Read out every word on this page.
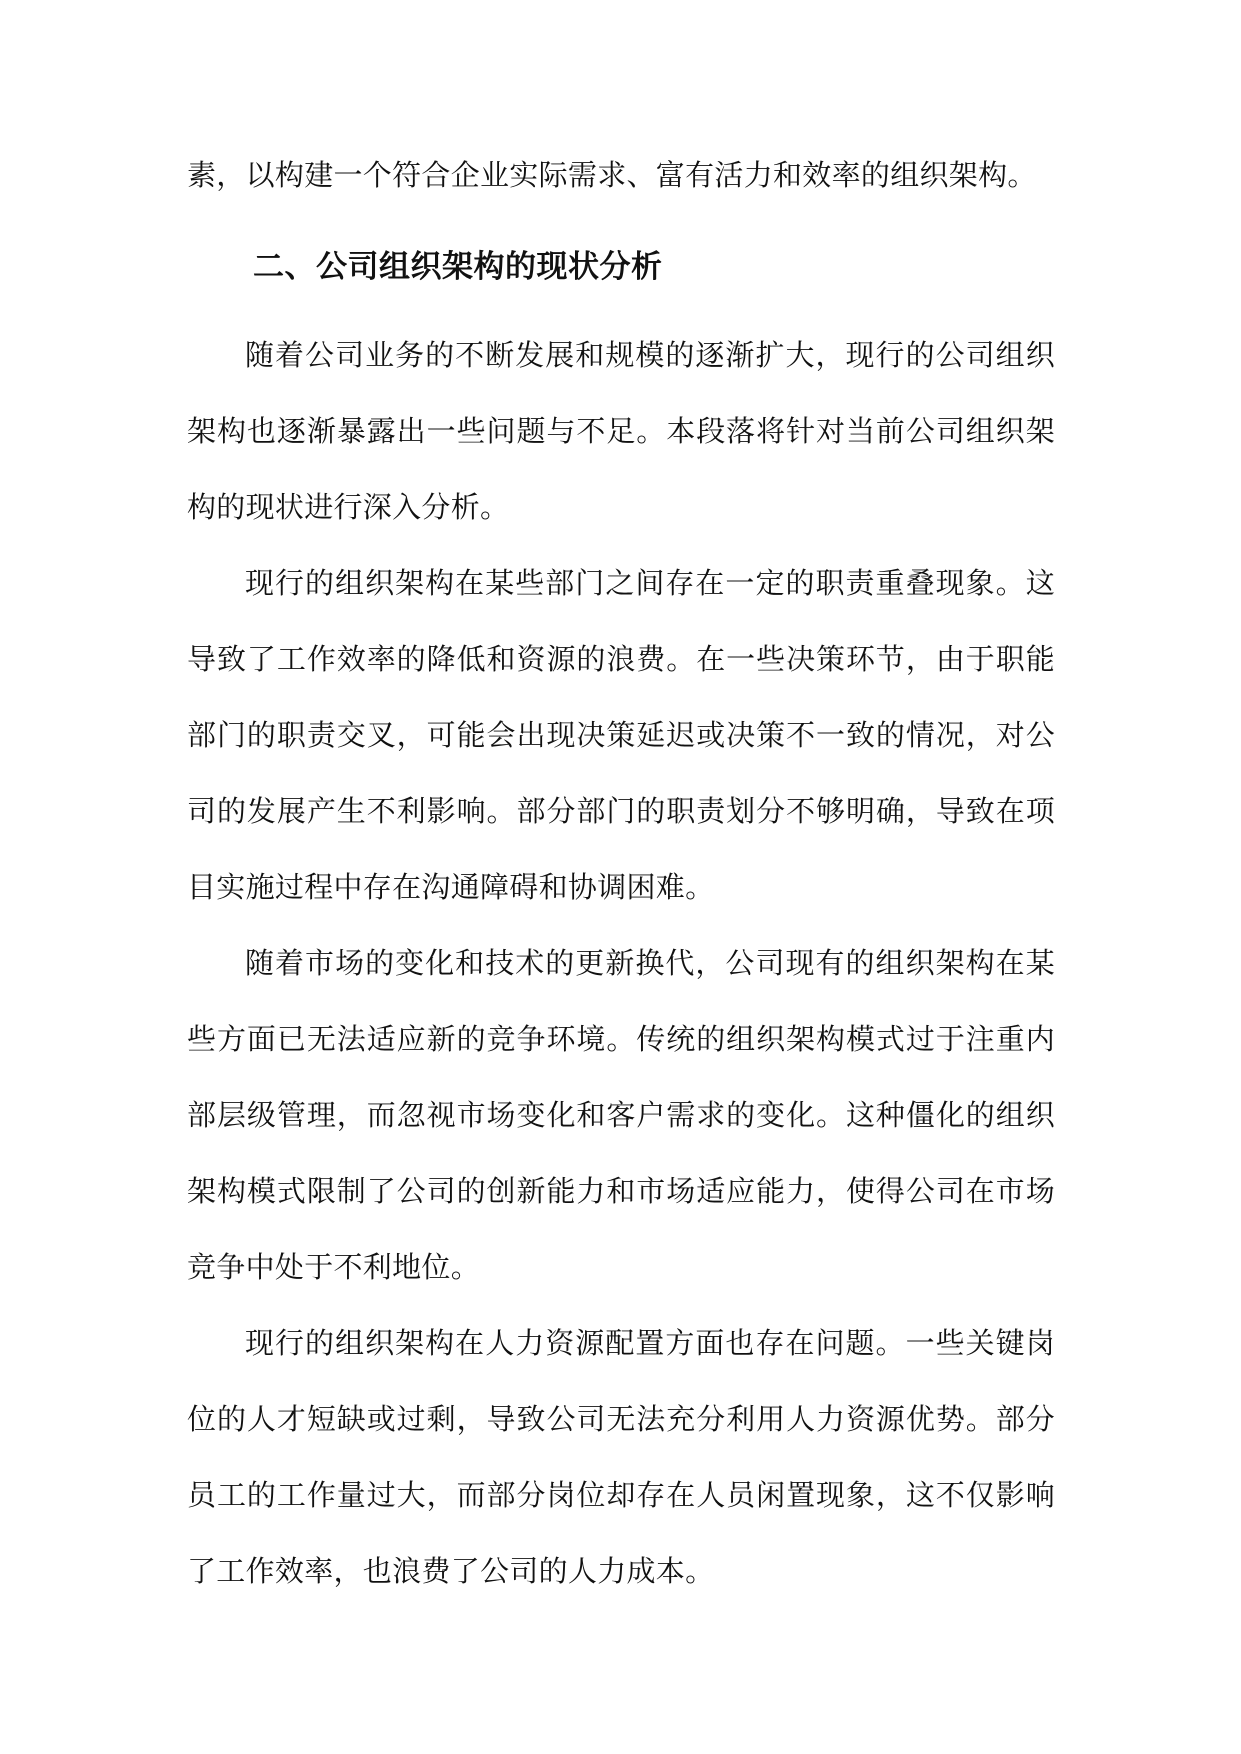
素，以构建一个符合企业实际需求、富有活力和效率的组织架构。

二、公司组织架构的现状分析

随着公司业务的不断发展和规模的逐渐扩大，现行的公司组织架构也逐渐暴露出一些问题与不足。本段落将针对当前公司组织架构的现状进行深入分析。

现行的组织架构在某些部门之间存在一定的职责重叠现象。这导致了工作效率的降低和资源的浪费。在一些决策环节，由于职能部门的职责交叉，可能会出现决策延迟或决策不一致的情况，对公司的发展产生不利影响。部分部门的职责划分不够明确，导致在项目实施过程中存在沟通障碍和协调困难。

随着市场的变化和技术的更新换代，公司现有的组织架构在某些方面已无法适应新的竞争环境。传统的组织架构模式过于注重内部层级管理，而忽视市场变化和客户需求的变化。这种僵化的组织架构模式限制了公司的创新能力和市场适应能力，使得公司在市场竞争中处于不利地位。

现行的组织架构在人力资源配置方面也存在问题。一些关键岗位的人才短缺或过剩，导致公司无法充分利用人力资源优势。部分员工的工作量过大，而部分岗位却存在人员闲置现象，这不仅影响了工作效率，也浪费了公司的人力成本。
